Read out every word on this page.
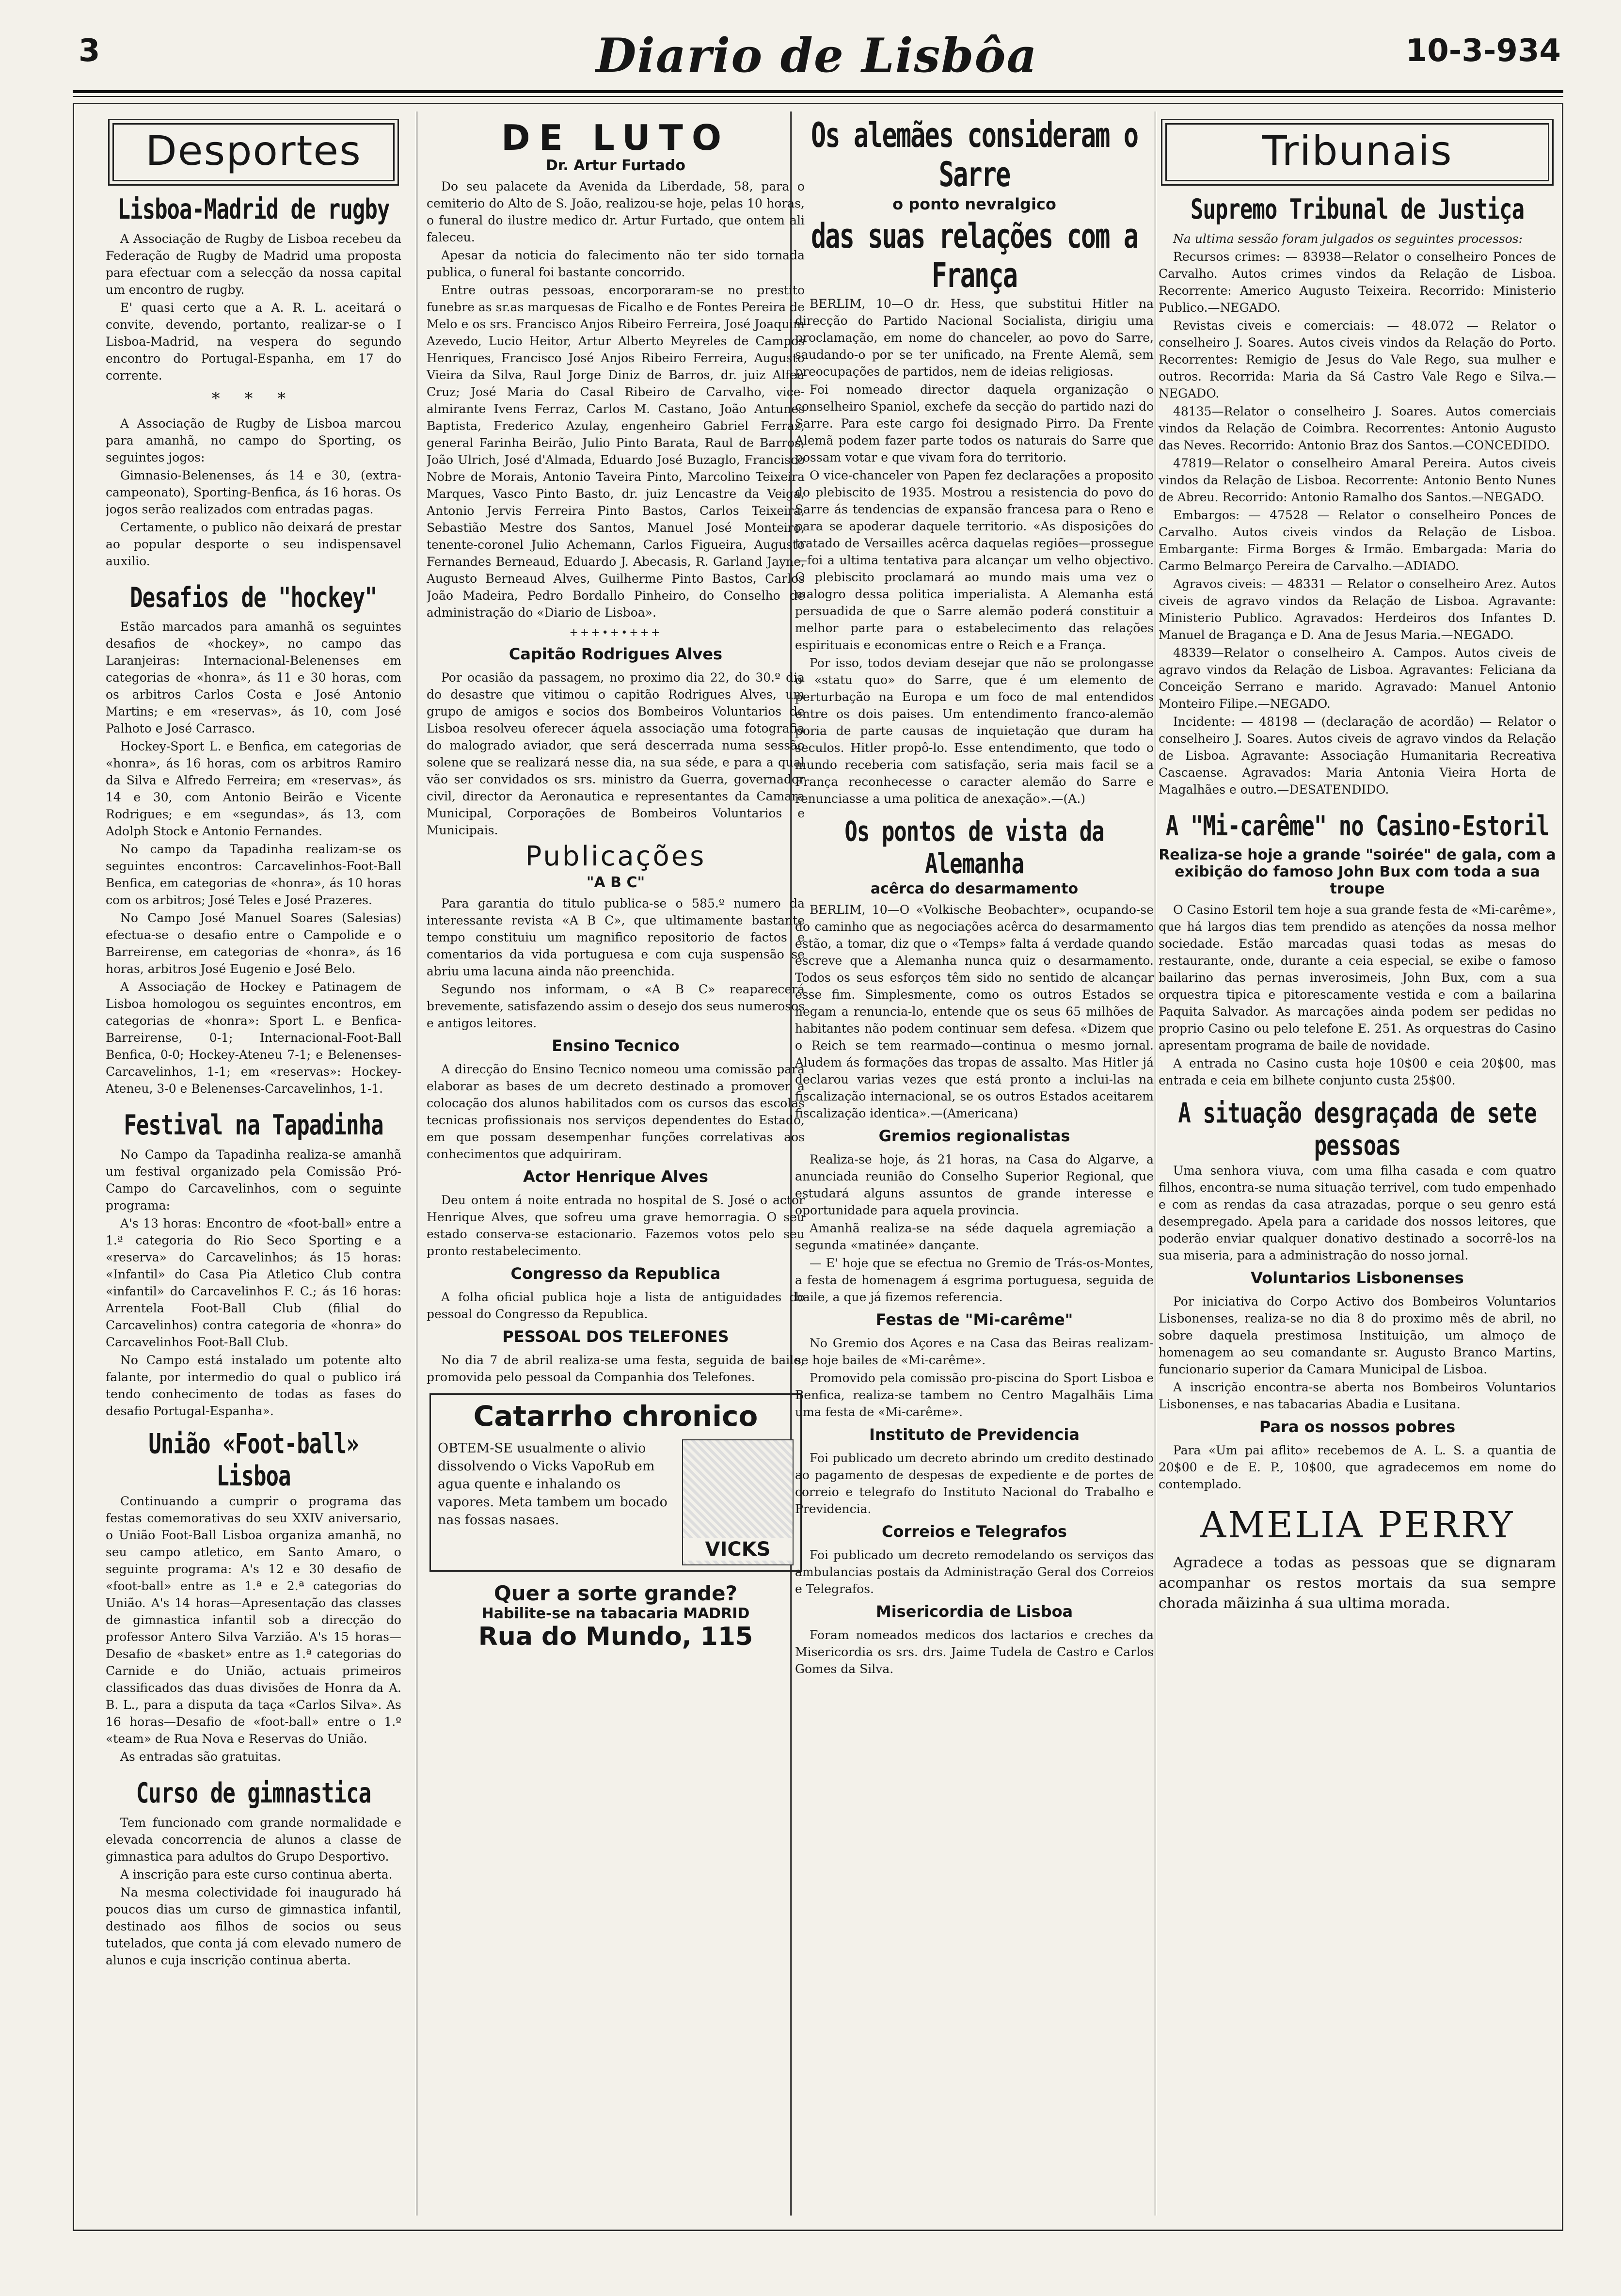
3	Diario de Lisbôa	10-3-934
Desportes
Lisboa-Madrid de rugby

A Associação de Rugby de Lisboa recebeu da Federação de Rugby de Madrid uma proposta para efectuar com a selecção da nossa capital um encontro de rugby.

E' quasi certo que a A. R. L. aceitará o convite, devendo, portanto, realizar-se o I Lisboa-Madrid, na vespera do segundo encontro do Portugal-Espanha, em 17 do corrente.

* * *

A Associação de Rugby de Lisboa marcou para amanhã, no campo do Sporting, os seguintes jogos:

Gimnasio-Belenenses, ás 14 e 30, (extra-campeonato), Sporting-Benfica, ás 16 horas. Os jogos serão realizados com entradas pagas.

Certamente, o publico não deixará de prestar ao popular desporte o seu indispensavel auxilio.

Desafios de "hockey"

Estão marcados para amanhã os seguintes desafios de «hockey», no campo das Laranjeiras: Internacional-Belenenses em categorias de «honra», ás 11 e 30 horas, com os arbitros Carlos Costa e José Antonio Martins; e em «reservas», ás 10, com José Palhoto e José Carrasco.

Hockey-Sport L. e Benfica, em categorias de «honra», ás 16 horas, com os arbitros Ramiro da Silva e Alfredo Ferreira; em «reservas», ás 14 e 30, com Antonio Beirão e Vicente Rodrigues; e em «segundas», ás 13, com Adolph Stock e Antonio Fernandes.

No campo da Tapadinha realizam-se os seguintes encontros: Carcavelinhos-Foot-Ball Benfica, em categorias de «honra», ás 10 horas com os arbitros; José Teles e José Prazeres.

No Campo José Manuel Soares (Salesias) efectua-se o desafio entre o Campolide e o Barreirense, em categorias de «honra», ás 16 horas, arbitros José Eugenio e José Belo.

A Associação de Hockey e Patinagem de Lisboa homologou os seguintes encontros, em categorias de «honra»: Sport L. e Benfica-Barreirense, 0-1; Internacional-Foot-Ball Benfica, 0-0; Hockey-Ateneu 7-1; e Belenenses-Carcavelinhos, 1-1; em «reservas»: Hockey-Ateneu, 3-0 e Belenenses-Carcavelinhos, 1-1.

Festival na Tapadinha

No Campo da Tapadinha realiza-se amanhã um festival organizado pela Comissão Pró-Campo do Carcavelinhos, com o seguinte programa:

A's 13 horas: Encontro de «foot-ball» entre a 1.ª categoria do Rio Seco Sporting e a «reserva» do Carcavelinhos; ás 15 horas: «Infantil» do Casa Pia Atletico Club contra «infantil» do Carcavelinhos F. C.; ás 16 horas: Arrentela Foot-Ball Club (filial do Carcavelinhos) contra categoria de «honra» do Carcavelinhos Foot-Ball Club.

No Campo está instalado um potente alto falante, por intermedio do qual o publico irá tendo conhecimento de todas as fases do desafio Portugal-Espanha».

União «Foot-ball» Lisboa

Continuando a cumprir o programa das festas comemorativas do seu XXIV aniversario, o União Foot-Ball Lisboa organiza amanhã, no seu campo atletico, em Santo Amaro, o seguinte programa: A's 12 e 30 desafio de «foot-ball» entre as 1.ª e 2.ª categorias do União. A's 14 horas—Apresentação das classes de gimnastica infantil sob a direcção do professor Antero Silva Varzião. A's 15 horas—Desafio de «basket» entre as 1.ª categorias do Carnide e do União, actuais primeiros classificados das duas divisões de Honra da A. B. L., para a disputa da taça «Carlos Silva». As 16 horas—Desafio de «foot-ball» entre o 1.º «team» de Rua Nova e Reservas do União.

As entradas são gratuitas.

Curso de gimnastica

Tem funcionado com grande normalidade e elevada concorrencia de alunos a classe de gimnastica para adultos do Grupo Desportivo.

A inscrição para este curso continua aberta.

Na mesma colectividade foi inaugurado há poucos dias um curso de gimnastica infantil, destinado aos filhos de socios ou seus tutelados, que conta já com elevado numero de alunos e cuja inscrição continua aberta.

DE LUTO
Dr. Artur Furtado

Do seu palacete da Avenida da Liberdade, 58, para o cemiterio do Alto de S. João, realizou-se hoje, pelas 10 horas, o funeral do ilustre medico dr. Artur Furtado, que ontem ali faleceu.

Apesar da noticia do falecimento não ter sido tornada publica, o funeral foi bastante concorrido.

Entre outras pessoas, encorporaram-se no prestito funebre as sr.as marquesas de Ficalho e de Fontes Pereira de Melo e os srs. Francisco Anjos Ribeiro Ferreira, José Joaquim Azevedo, Lucio Heitor, Artur Alberto Meyreles de Campos Henriques, Francisco José Anjos Ribeiro Ferreira, Augusto Vieira da Silva, Raul Jorge Diniz de Barros, dr. juiz Alfeu Cruz; José Maria do Casal Ribeiro de Carvalho, vice-almirante Ivens Ferraz, Carlos M. Castano, João Antunes Baptista, Frederico Azulay, engenheiro Gabriel Ferraz, general Farinha Beirão, Julio Pinto Barata, Raul de Barros, João Ulrich, José d'Almada, Eduardo José Buzaglo, Francisco Nobre de Morais, Antonio Taveira Pinto, Marcolino Teixeira Marques, Vasco Pinto Basto, dr. juiz Lencastre da Veiga, Antonio Jervis Ferreira Pinto Bastos, Carlos Teixeira, Sebastião Mestre dos Santos, Manuel José Monteiro, tenente-coronel Julio Achemann, Carlos Figueira, Augusto Fernandes Berneaud, Eduardo J. Abecasis, R. Garland Jayne, Augusto Berneaud Alves, Guilherme Pinto Bastos, Carlos João Madeira, Pedro Bordallo Pinheiro, do Conselho de administração do «Diario de Lisboa».

+++•+•+++
Capitão Rodrigues Alves

Por ocasião da passagem, no proximo dia 22, do 30.º dia do desastre que vitimou o capitão Rodrigues Alves, um grupo de amigos e socios dos Bombeiros Voluntarios de Lisboa resolveu oferecer áquela associação uma fotografia do malogrado aviador, que será descerrada numa sessão solene que se realizará nesse dia, na sua séde, e para a qual vão ser convidados os srs. ministro da Guerra, governador civil, director da Aeronautica e representantes da Camara Municipal, Corporações de Bombeiros Voluntarios e Municipais.

Publicações
"A B C"

Para garantia do titulo publica-se o 585.º numero da interessante revista «A B C», que ultimamente bastante tempo constituiu um magnifico repositorio de factos e comentarios da vida portuguesa e com cuja suspensão se abriu uma lacuna ainda não preenchida.

Segundo nos informam, o «A B C» reaparecerá brevemente, satisfazendo assim o desejo dos seus numerosos e antigos leitores.

Ensino Tecnico

A direcção do Ensino Tecnico nomeou uma comissão para elaborar as bases de um decreto destinado a promover a colocação dos alunos habilitados com os cursos das escolas tecnicas profissionais nos serviços dependentes do Estado, em que possam desempenhar funções correlativas aos conhecimentos que adquiriram.

Actor Henrique Alves

Deu ontem á noite entrada no hospital de S. José o actor Henrique Alves, que sofreu uma grave hemorragia. O seu estado conserva-se estacionario. Fazemos votos pelo seu pronto restabelecimento.

Congresso da Republica

A folha oficial publica hoje a lista de antiguidades do pessoal do Congresso da Republica.

PESSOAL DOS TELEFONES

No dia 7 de abril realiza-se uma festa, seguida de baile, promovida pelo pessoal da Companhia dos Telefones.

Catarrho chronico
OBTEM-SE usualmente o alivio dissolvendo o Vicks VapoRub em agua quente e inhalando os vapores. Meta tambem um bocado nas fossas nasaes.
VICKS
Quer a sorte grande?
Habilite-se na tabacaria MADRID
Rua do Mundo, 115
Os alemães consideram o Sarre
o ponto nevralgico
das suas relações com a França

BERLIM, 10—O dr. Hess, que substitui Hitler na direcção do Partido Nacional Socialista, dirigiu uma proclamação, em nome do chanceler, ao povo do Sarre, saudando-o por se ter unificado, na Frente Alemã, sem preocupações de partidos, nem de ideias religiosas.

Foi nomeado director daquela organização o conselheiro Spaniol, exchefe da secção do partido nazi do Sarre. Para este cargo foi designado Pirro. Da Frente Alemã podem fazer parte todos os naturais do Sarre que possam votar e que vivam fora do territorio.

O vice-chanceler von Papen fez declarações a proposito do plebiscito de 1935. Mostrou a resistencia do povo do Sarre ás tendencias de expansão francesa para o Reno e para se apoderar daquele territorio. «As disposições do tratado de Versailles acêrca daquelas regiões—prossegue—foi a ultima tentativa para alcançar um velho objectivo. O plebiscito proclamará ao mundo mais uma vez o malogro dessa politica imperialista. A Alemanha está persuadida de que o Sarre alemão poderá constituir a melhor parte para o estabelecimento das relações espirituais e economicas entre o Reich e a França.

Por isso, todos deviam desejar que não se prolongasse o «statu quo» do Sarre, que é um elemento de perturbação na Europa e um foco de mal entendidos entre os dois paises. Um entendimento franco-alemão poria de parte causas de inquietação que duram ha seculos. Hitler propô-lo. Esse entendimento, que todo o mundo receberia com satisfação, seria mais facil se a França reconhecesse o caracter alemão do Sarre e renunciasse a uma politica de anexação».—(A.)

Os pontos de vista da Alemanha
acêrca do desarmamento

BERLIM, 10—O «Volkische Beobachter», ocupando-se do caminho que as negociações acêrca do desarmamento estão, a tomar, diz que o «Temps» falta á verdade quando escreve que a Alemanha nunca quiz o desarmamento. Todos os seus esforços têm sido no sentido de alcançar esse fim. Simplesmente, como os outros Estados se negam a renuncia-lo, entende que os seus 65 milhões de habitantes não podem continuar sem defesa. «Dizem que o Reich se tem rearmado—continua o mesmo jornal. Aludem ás formações das tropas de assalto. Mas Hitler já declarou varias vezes que está pronto a inclui-las na fiscalização internacional, se os outros Estados aceitarem fiscalização identica».—(Americana)

Gremios regionalistas

Realiza-se hoje, ás 21 horas, na Casa do Algarve, a anunciada reunião do Conselho Superior Regional, que estudará alguns assuntos de grande interesse e oportunidade para aquela provincia.

Amanhã realiza-se na séde daquela agremiação a segunda «matinée» dançante.

— E' hoje que se efectua no Gremio de Trás-os-Montes, a festa de homenagem á esgrima portuguesa, seguida de baile, a que já fizemos referencia.

Festas de "Mi-carême"

No Gremio dos Açores e na Casa das Beiras realizam-se hoje bailes de «Mi-carême».

Promovido pela comissão pro-piscina do Sport Lisboa e Benfica, realiza-se tambem no Centro Magalhãis Lima uma festa de «Mi-carême».

Instituto de Previdencia

Foi publicado um decreto abrindo um credito destinado ao pagamento de despesas de expediente e de portes de correio e telegrafo do Instituto Nacional do Trabalho e Previdencia.

Correios e Telegrafos

Foi publicado um decreto remodelando os serviços das ambulancias postais da Administração Geral dos Correios e Telegrafos.

Misericordia de Lisboa

Foram nomeados medicos dos lactarios e creches da Misericordia os srs. drs. Jaime Tudela de Castro e Carlos Gomes da Silva.

Tribunais
Supremo Tribunal de Justiça

Na ultima sessão foram julgados os seguintes processos:

Recursos crimes: — 83938—Relator o conselheiro Ponces de Carvalho. Autos crimes vindos da Relação de Lisboa. Recorrente: Americo Augusto Teixeira. Recorrido: Ministerio Publico.—NEGADO.

Revistas civeis e comerciais: — 48.072 — Relator o conselheiro J. Soares. Autos civeis vindos da Relação do Porto. Recorrentes: Remigio de Jesus do Vale Rego, sua mulher e outros. Recorrida: Maria da Sá Castro Vale Rego e Silva.—NEGADO.

48135—Relator o conselheiro J. Soares. Autos comerciais vindos da Relação de Coimbra. Recorrentes: Antonio Augusto das Neves. Recorrido: Antonio Braz dos Santos.—CONCEDIDO.

47819—Relator o conselheiro Amaral Pereira. Autos civeis vindos da Relação de Lisboa. Recorrente: Antonio Bento Nunes de Abreu. Recorrido: Antonio Ramalho dos Santos.—NEGADO.

Embargos: — 47528 — Relator o conselheiro Ponces de Carvalho. Autos civeis vindos da Relação de Lisboa. Embargante: Firma Borges & Irmão. Embargada: Maria do Carmo Belmarço Pereira de Carvalho.—ADIADO.

Agravos civeis: — 48331 — Relator o conselheiro Arez. Autos civeis de agravo vindos da Relação de Lisboa. Agravante: Ministerio Publico. Agravados: Herdeiros dos Infantes D. Manuel de Bragança e D. Ana de Jesus Maria.—NEGADO.

48339—Relator o conselheiro A. Campos. Autos civeis de agravo vindos da Relação de Lisboa. Agravantes: Feliciana da Conceição Serrano e marido. Agravado: Manuel Antonio Monteiro Filipe.—NEGADO.

Incidente: — 48198 — (declaração de acordão) — Relator o conselheiro J. Soares. Autos civeis de agravo vindos da Relação de Lisboa. Agravante: Associação Humanitaria Recreativa Cascaense. Agravados: Maria Antonia Vieira Horta de Magalhães e outro.—DESATENDIDO.

A "Mi-carême" no Casino-Estoril
Realiza-se hoje a grande "soirée" de gala, com a exibição do famoso John Bux com toda a sua troupe

O Casino Estoril tem hoje a sua grande festa de «Mi-carême», que há largos dias tem prendido as atenções da nossa melhor sociedade. Estão marcadas quasi todas as mesas do restaurante, onde, durante a ceia especial, se exibe o famoso bailarino das pernas inverosimeis, John Bux, com a sua orquestra tipica e pitorescamente vestida e com a bailarina Paquita Salvador. As marcações ainda podem ser pedidas no proprio Casino ou pelo telefone E. 251. As orquestras do Casino apresentam programa de baile de novidade.

A entrada no Casino custa hoje 10$00 e ceia 20$00, mas entrada e ceia em bilhete conjunto custa 25$00.

A situação desgraçada de sete pessoas

Uma senhora viuva, com uma filha casada e com quatro filhos, encontra-se numa situação terrivel, com tudo empenhado e com as rendas da casa atrazadas, porque o seu genro está desempregado. Apela para a caridade dos nossos leitores, que poderão enviar qualquer donativo destinado a socorrê-los na sua miseria, para a administração do nosso jornal.

Voluntarios Lisbonenses

Por iniciativa do Corpo Activo dos Bombeiros Voluntarios Lisbonenses, realiza-se no dia 8 do proximo mês de abril, no sobre daquela prestimosa Instituição, um almoço de homenagem ao seu comandante sr. Augusto Branco Martins, funcionario superior da Camara Municipal de Lisboa.

A inscrição encontra-se aberta nos Bombeiros Voluntarios Lisbonenses, e nas tabacarias Abadia e Lusitana.

Para os nossos pobres

Para «Um pai aflito» recebemos de A. L. S. a quantia de 20$00 e de E. P., 10$00, que agradecemos em nome do contemplado.

AMELIA PERRY

Agradece a todas as pessoas que se dignaram acompanhar os restos mortais da sua sempre chorada mãizinha á sua ultima morada.
